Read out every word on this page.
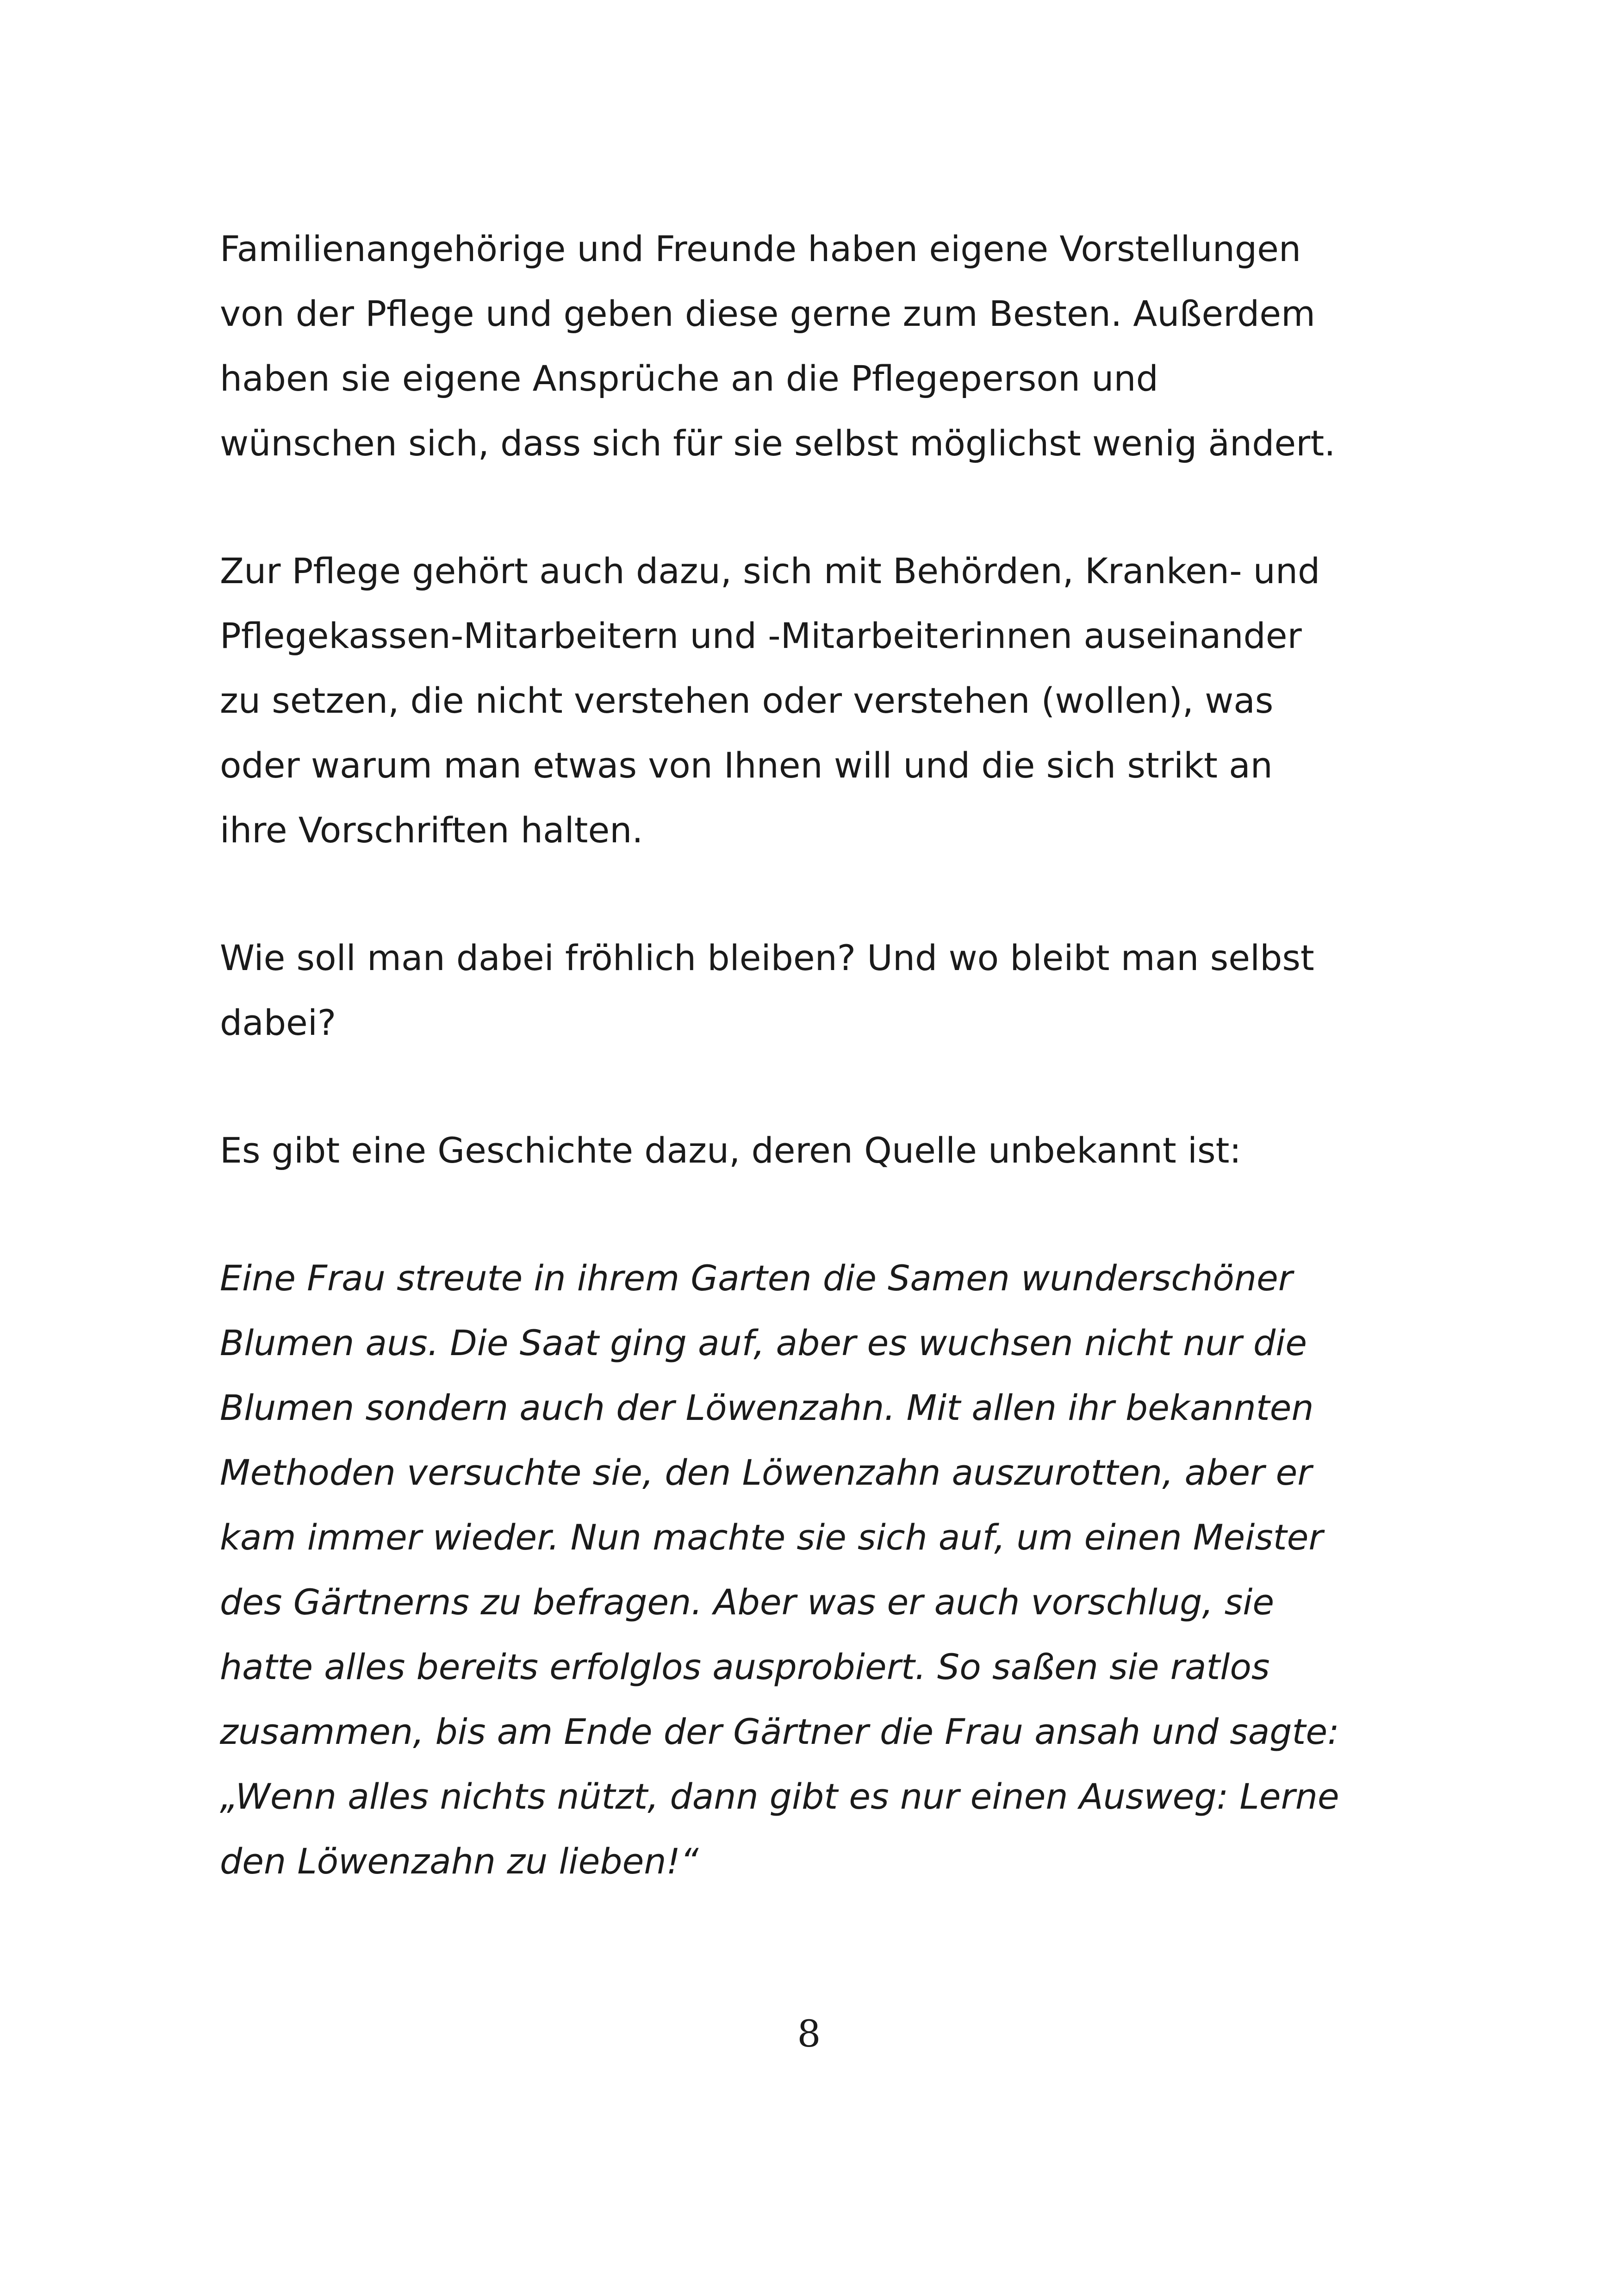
Familienangehörige und Freunde haben eigene Vorstellungen
von der Pflege und geben diese gerne zum Besten. Außerdem
haben sie eigene Ansprüche an die Pflegeperson und
wünschen sich, dass sich für sie selbst möglichst wenig ändert.

Zur Pflege gehört auch dazu, sich mit Behörden, Kranken- und
Pflegekassen-Mitarbeitern und -Mitarbeiterinnen auseinander
zu setzen, die nicht verstehen oder verstehen (wollen), was
oder warum man etwas von Ihnen will und die sich strikt an
ihre Vorschriften halten.

Wie soll man dabei fröhlich bleiben? Und wo bleibt man selbst
dabei?

Es gibt eine Geschichte dazu, deren Quelle unbekannt ist:

Eine Frau streute in ihrem Garten die Samen wunderschöner
Blumen aus. Die Saat ging auf, aber es wuchsen nicht nur die
Blumen sondern auch der Löwenzahn. Mit allen ihr bekannten
Methoden versuchte sie, den Löwenzahn auszurotten, aber er
kam immer wieder. Nun machte sie sich auf, um einen Meister
des Gärtnerns zu befragen. Aber was er auch vorschlug, sie
hatte alles bereits erfolglos ausprobiert. So saßen sie ratlos
zusammen, bis am Ende der Gärtner die Frau ansah und sagte:
„Wenn alles nichts nützt, dann gibt es nur einen Ausweg: Lerne
den Löwenzahn zu lieben!“

8
